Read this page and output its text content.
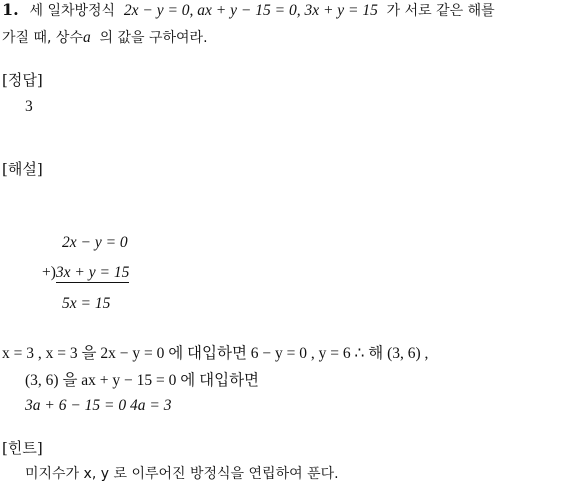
1. 세 일차방정식 2x − y = 0, ax + y − 15 = 0, 3x + y = 15 가 서로 같은 해를
가질 때, 상수a 의 값을 구하여라.
[정답]
3
[해설]
2x − y = 0
+)3x + y = 15
5x = 15
x = 3 , x = 3 을 2x − y = 0 에 대입하면 6 − y = 0 , y = 6 ∴ 해 (3, 6) ,
(3, 6) 을 ax + y − 15 = 0 에 대입하면
3a + 6 − 15 = 0 4a = 3
[힌트]
미지수가 x, y 로 이루어진 방정식을 연립하여 푼다.
